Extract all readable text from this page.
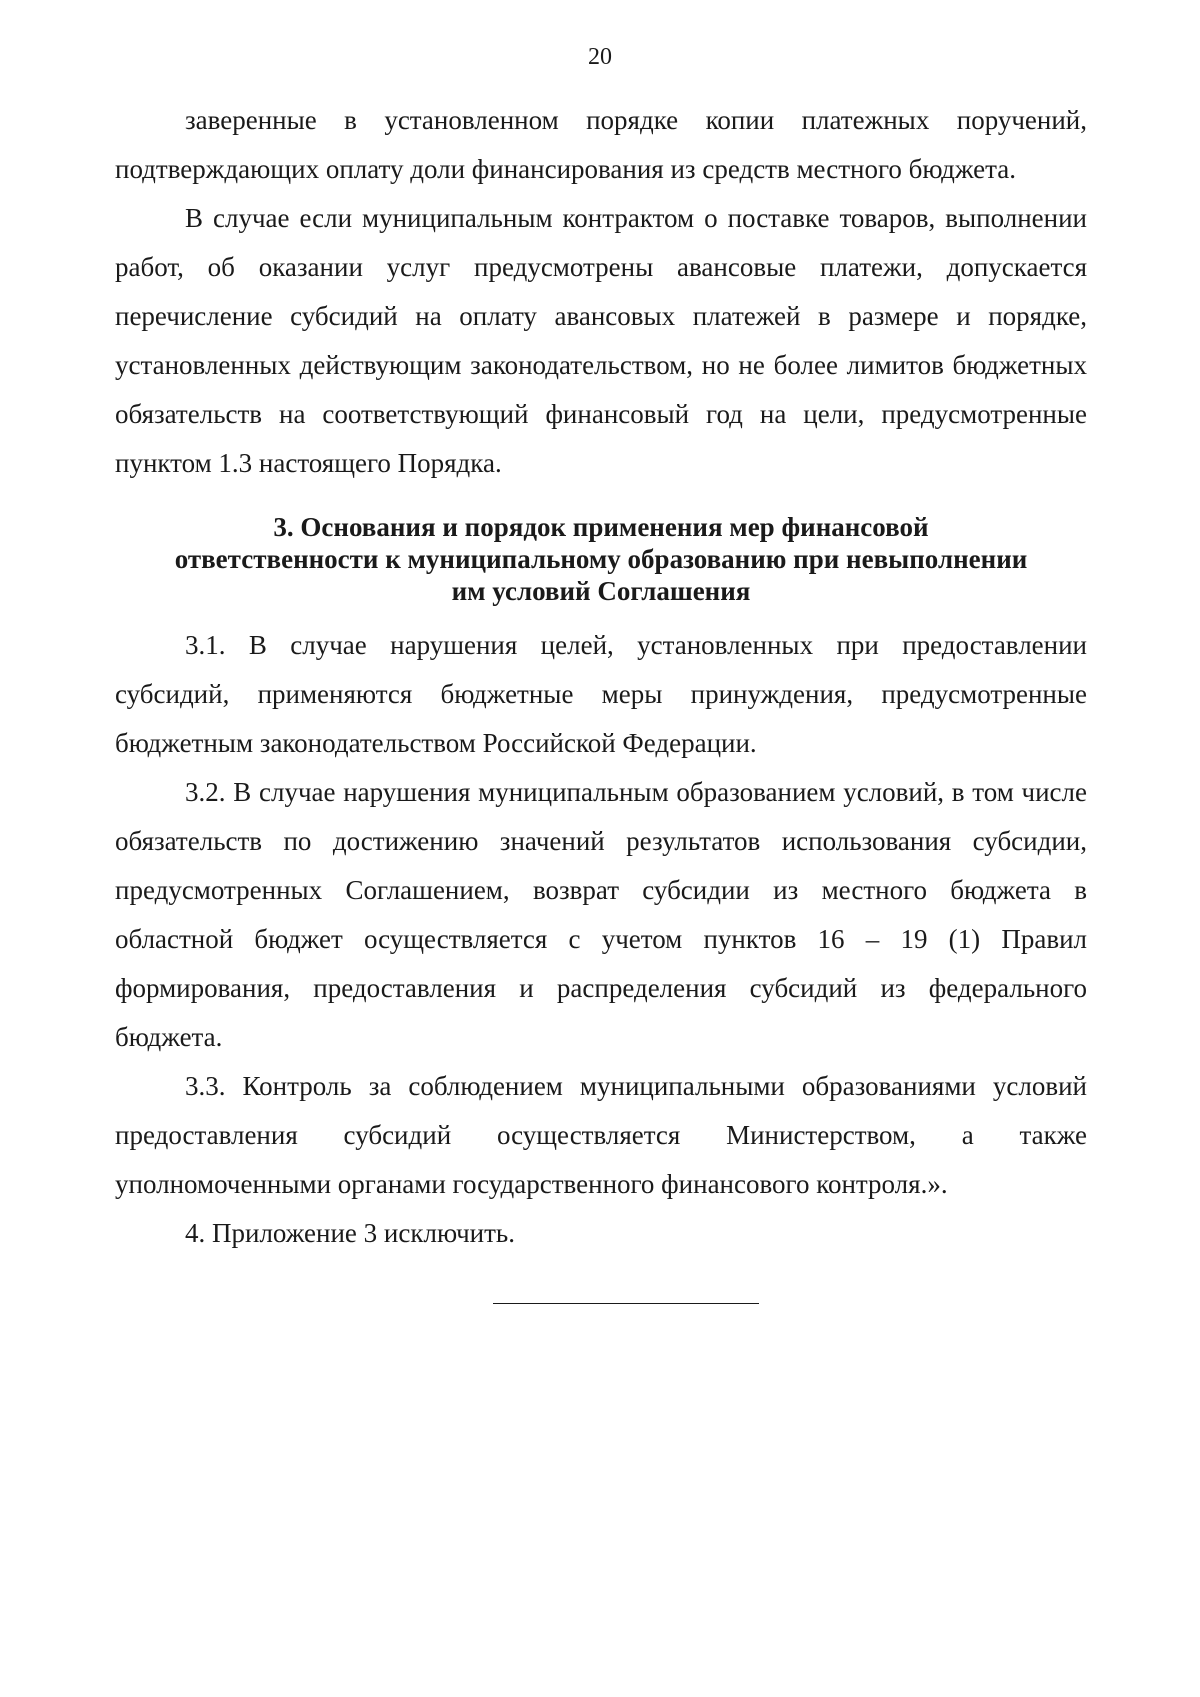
20

заверенные в установленном порядке копии платежных поручений, подтверждающих оплату доли финансирования из средств местного бюджета.

В случае если муниципальным контрактом о поставке товаров, выполнении работ, об оказании услуг предусмотрены авансовые платежи, допускается перечисление субсидий на оплату авансовых платежей в размере и порядке, установленных действующим законодательством, но не более лимитов бюджетных обязательств на соответствующий финансовый год на цели, предусмотренные пунктом 1.3 настоящего Порядка.

3. Основания и порядок применения мер финансовой
ответственности к муниципальному образованию при невыполнении
им условий Соглашения

3.1. В случае нарушения целей, установленных при предоставлении субсидий, применяются бюджетные меры принуждения, предусмотренные бюджетным законодательством Российской Федерации.

3.2. В случае нарушения муниципальным образованием условий, в том числе обязательств по достижению значений результатов использования субсидии, предусмотренных Соглашением, возврат субсидии из местного бюджета в областной бюджет осуществляется с учетом пунктов 16 – 19 (1) Правил формирования, предоставления и распределения субсидий из федерального бюджета.

3.3. Контроль за соблюдением муниципальными образованиями условий предоставления субсидий осуществляется Министерством, а также уполномоченными органами государственного финансового контроля.».

4. Приложение 3 исключить.
